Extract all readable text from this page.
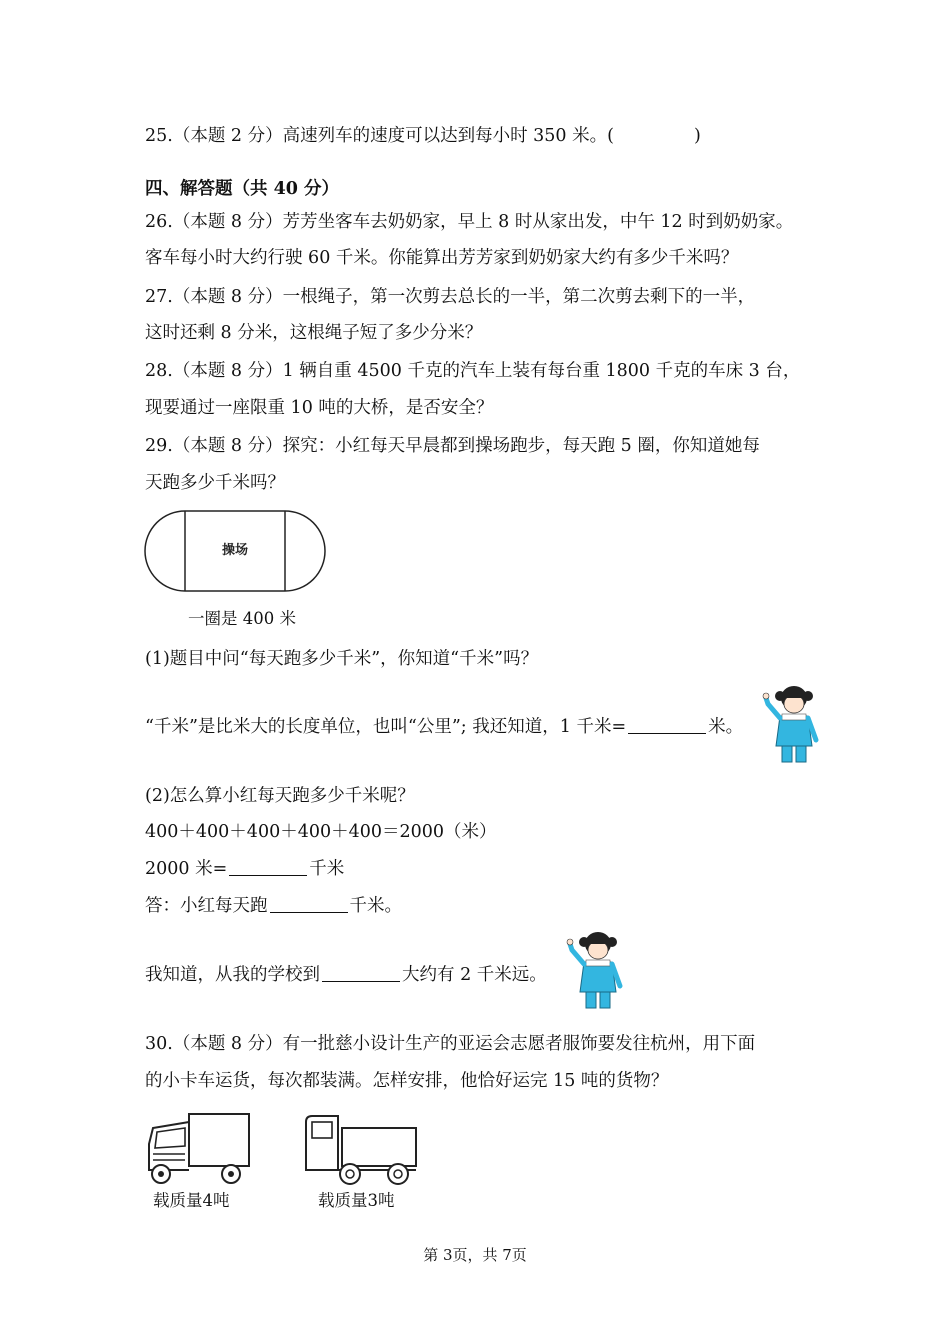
25.（本题 2 分）高速列车的速度可以达到每小时 350 米。(	)
四、解答题（共 40 分）
26.（本题 8 分）芳芳坐客车去奶奶家，早上 8 时从家出发，中午 12 时到奶奶家。
客车每小时大约行驶 60 千米。你能算出芳芳家到奶奶家大约有多少千米吗？
27.（本题 8 分）一根绳子，第一次剪去总长的一半，第二次剪去剩下的一半，
这时还剩 8 分米，这根绳子短了多少分米？
28.（本题 8 分）1 辆自重 4500 千克的汽车上装有每台重 1800 千克的车床 3 台，
现要通过一座限重 10 吨的大桥，是否安全？
29.（本题 8 分）探究：小红每天早晨都到操场跑步，每天跑 5 圈，你知道她每
天跑多少千米吗？
操场
一圈是 400 米
(1)题目中问“每天跑多少千米”，你知道“千米”吗？
“千米”是比米大的长度单位，也叫“公里”; 我还知道，1 千米=	米。
(2)怎么算小红每天跑多少千米呢？
400＋400＋400＋400＋400＝2000（米）
2000 米=	千米
答：小红每天跑	千米。
我知道，从我的学校到	大约有 2 千米远。
30.（本题 8 分）有一批慈小设计生产的亚运会志愿者服饰要发往杭州，用下面
的小卡车运货，每次都装满。怎样安排，他恰好运完 15 吨的货物？
载质量4吨	载质量3吨
第 3页，共 7页
